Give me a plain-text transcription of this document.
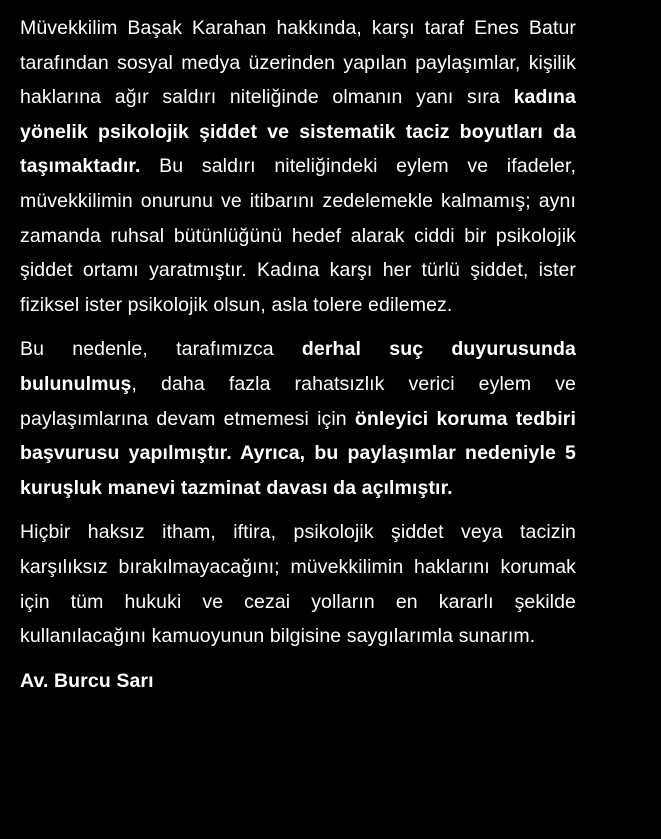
Müvekkilim Başak Karahan hakkında, karşı taraf Enes Batur tarafından sosyal medya üzerinden yapılan paylaşımlar, kişilik haklarına ağır saldırı niteliğinde olmanın yanı sıra kadına yönelik psikolojik şiddet ve sistematik taciz boyutları da taşımaktadır. Bu saldırı niteliğindeki eylem ve ifadeler, müvekkilimin onurunu ve itibarını zedelemekle kalmamış; aynı zamanda ruhsal bütünlüğünü hedef alarak ciddi bir psikolojik şiddet ortamı yaratmıştır. Kadına karşı her türlü şiddet, ister fiziksel ister psikolojik olsun, asla tolere edilemez.

Bu nedenle, tarafımızca derhal suç duyurusunda bulunulmuş, daha fazla rahatsızlık verici eylem ve paylaşımlarına devam etmemesi için önleyici koruma tedbiri başvurusu yapılmıştır. Ayrıca, bu paylaşımlar nedeniyle 5 kuruşluk manevi tazminat davası da açılmıştır.

Hiçbir haksız itham, iftira, psikolojik şiddet veya tacizin karşılıksız bırakılmayacağını; müvekkilimin haklarını korumak için tüm hukuki ve cezai yolların en kararlı şekilde kullanılacağını kamuoyunun bilgisine saygılarımla sunarım.

Av. Burcu Sarı
